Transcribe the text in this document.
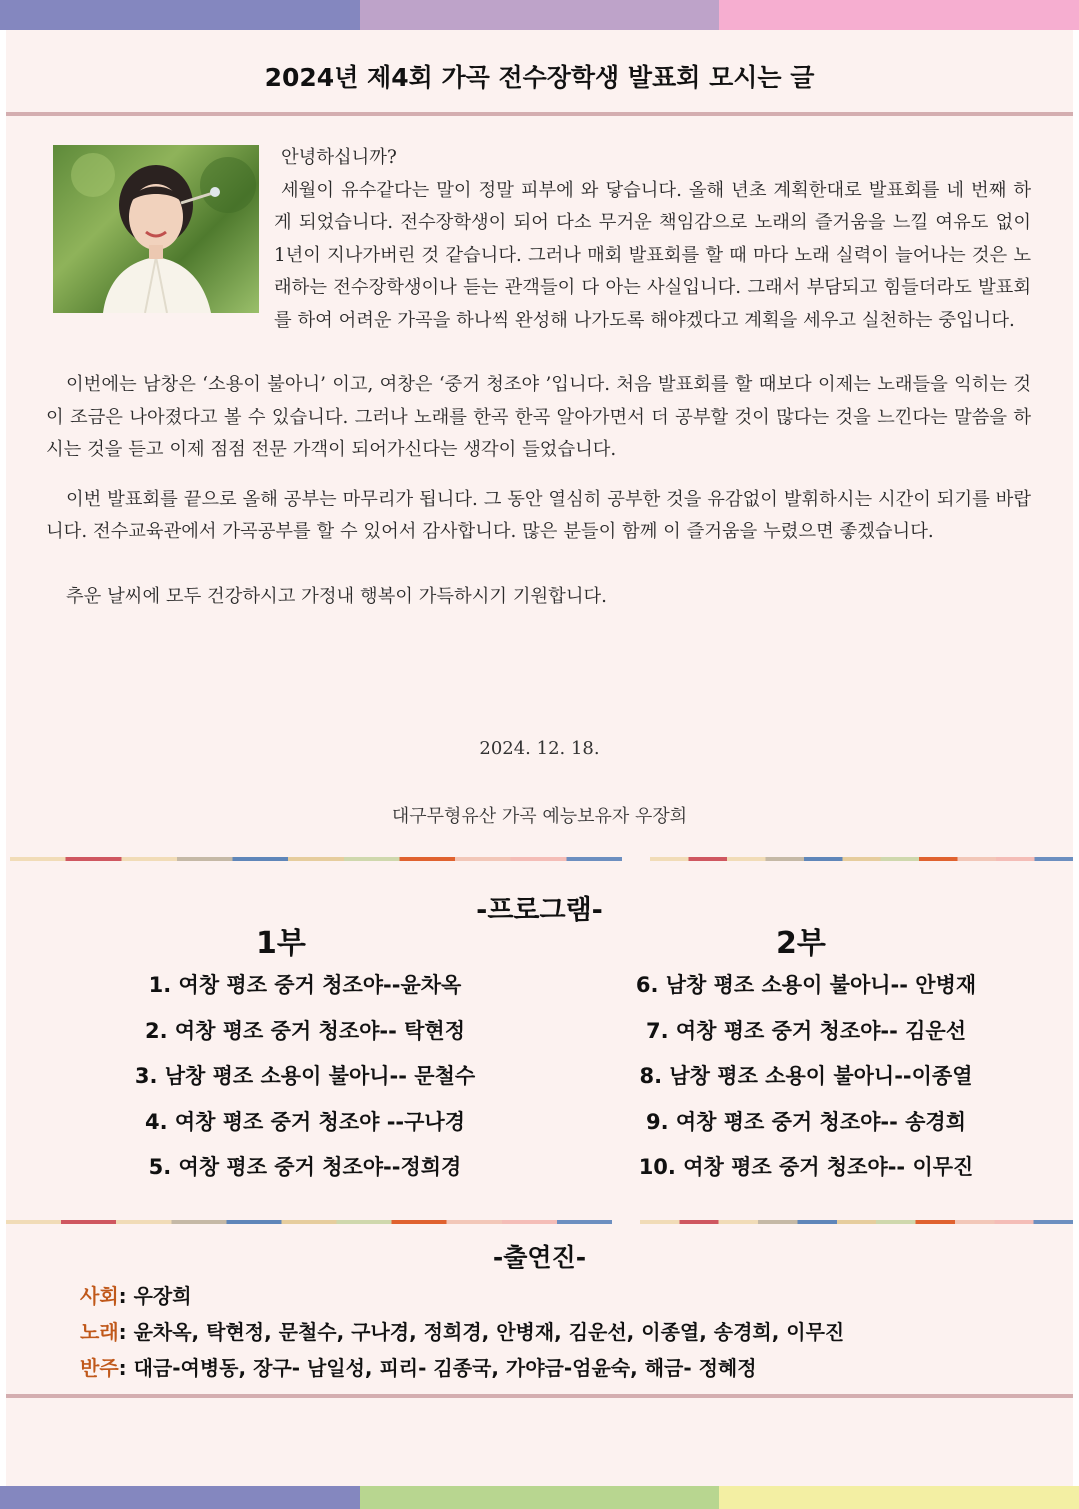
2024년 제4회 가곡 전수장학생 발표회 모시는 글

안녕하십니까?

세월이 유수같다는 말이 정말 피부에 와 닿습니다. 올해 년초 계획한대로 발표회를 네 번째 하게 되었습니다. 전수장학생이 되어 다소 무거운 책임감으로 노래의 즐거움을 느낄 여유도 없이 1년이 지나가버린 것 같습니다. 그러나 매회 발표회를 할 때 마다 노래 실력이 늘어나는 것은 노래하는 전수장학생이나 듣는 관객들이 다 아는 사실입니다. 그래서 부담되고 힘들더라도 발표회를 하여 어려운 가곡을 하나씩 완성해 나가도록 해야겠다고 계획을 세우고 실천하는 중입니다.

이번에는 남창은 ‘소용이 불아니’ 이고, 여창은 ‘중거 청조야 ’입니다. 처음 발표회를 할 때보다 이제는 노래들을 익히는 것이 조금은 나아졌다고 볼 수 있습니다. 그러나 노래를 한곡 한곡 알아가면서 더 공부할 것이 많다는 것을 느낀다는 말씀을 하시는 것을 듣고 이제 점점 전문 가객이 되어가신다는 생각이 들었습니다.

이번 발표회를 끝으로 올해 공부는 마무리가 됩니다. 그 동안 열심히 공부한 것을 유감없이 발휘하시는 시간이 되기를 바랍니다. 전수교육관에서 가곡공부를 할 수 있어서 감사합니다. 많은 분들이 함께 이 즐거움을 누렸으면 좋겠습니다.

추운 날씨에 모두 건강하시고 가정내 행복이 가득하시기 기원합니다.

2024. 12. 18.
대구무형유산 가곡 예능보유자 우장희
-프로그램-
1부	2부
1. 여창 평조 중거 청조야--윤차옥
2. 여창 평조 중거 청조야-- 탁현정
3. 남창 평조 소용이 불아니-- 문철수
4. 여창 평조 중거 청조야 --구나경
5. 여창 평조 중거 청조야--정희경
6. 남창 평조 소용이 불아니-- 안병재
7. 여창 평조 중거 청조야-- 김운선
8. 남창 평조 소용이 불아니--이종열
9. 여창 평조 중거 청조야-- 송경희
10. 여창 평조 중거 청조야-- 이무진
-출연진-
사회: 우장희
노래: 윤차옥, 탁현정, 문철수, 구나경, 정희경, 안병재, 김운선, 이종열, 송경희, 이무진
반주: 대금-여병동, 장구- 남일성, 피리- 김종국, 가야금-엄윤숙, 해금- 정혜정
